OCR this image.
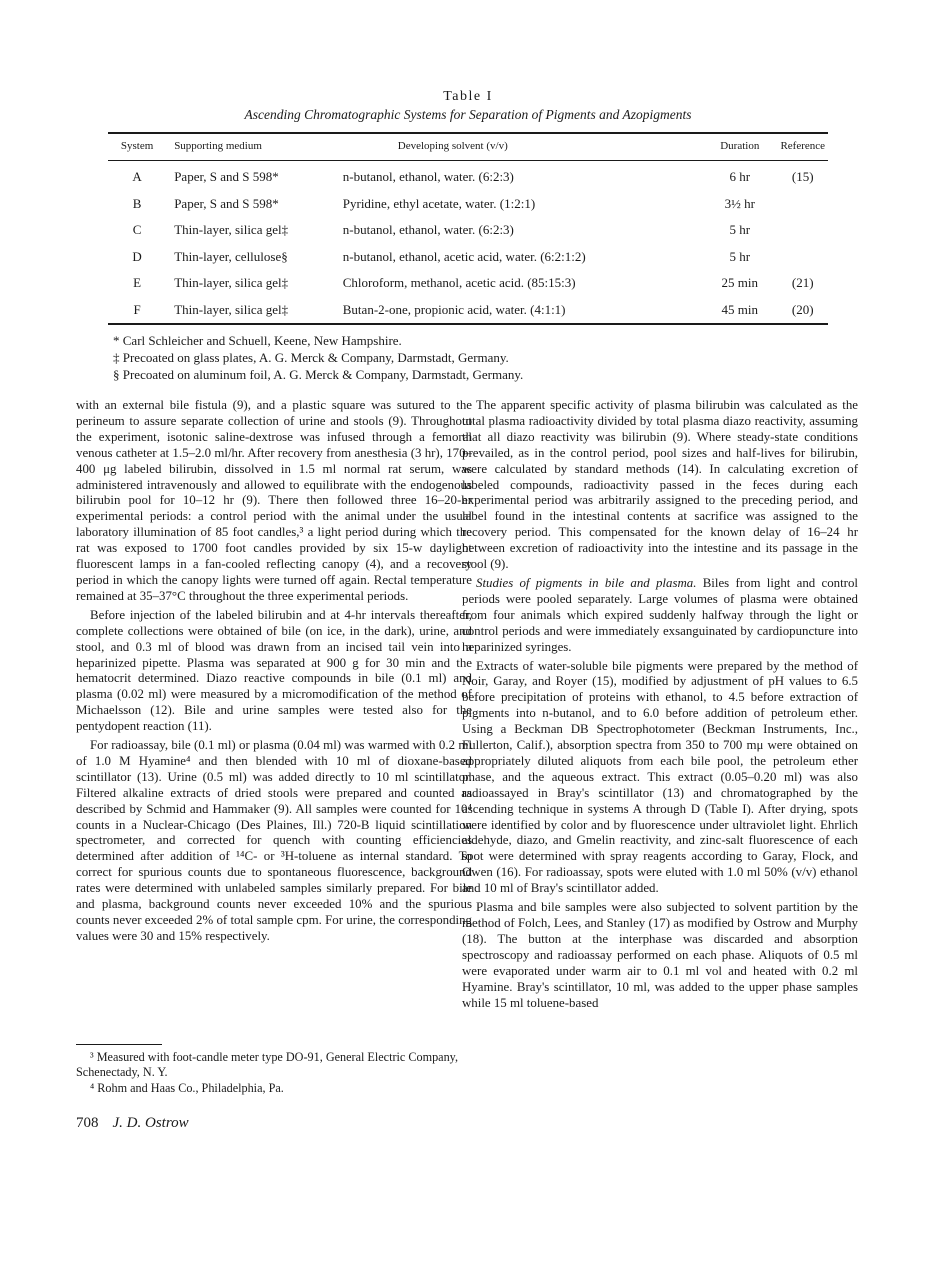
Table I
Ascending Chromatographic Systems for Separation of Pigments and Azopigments
System	Supporting medium	Developing solvent (v/v)	Duration	Reference

A	Paper, S and S 598*	n-butanol, ethanol, water. (6:2:3)	6 hr	(15)
B	Paper, S and S 598*	Pyridine, ethyl acetate, water. (1:2:1)	3½ hr	
C	Thin-layer, silica gel‡	n-butanol, ethanol, water. (6:2:3)	5 hr	
D	Thin-layer, cellulose§	n-butanol, ethanol, acetic acid, water. (6:2:1:2)	5 hr	
E	Thin-layer, silica gel‡	Chloroform, methanol, acetic acid. (85:15:3)	25 min	(21)
F	Thin-layer, silica gel‡	Butan-2-one, propionic acid, water. (4:1:1)	45 min	(20)
* Carl Schleicher and Schuell, Keene, New Hampshire.
‡ Precoated on glass plates, A. G. Merck & Company, Darmstadt, Germany.
§ Precoated on aluminum foil, A. G. Merck & Company, Darmstadt, Germany.

with an external bile fistula (9), and a plastic square was sutured to the perineum to assure separate collection of urine and stools (9). Throughout the experiment, isotonic saline-dextrose was infused through a femoral venous catheter at 1.5–2.0 ml/hr. After recovery from anesthesia (3 hr), 170–400 μg labeled bilirubin, dissolved in 1.5 ml normal rat serum, was administered intravenously and allowed to equilibrate with the endogenous bilirubin pool for 10–12 hr (9). There then followed three 16–20-hr experimental periods: a control period with the animal under the usual laboratory illumination of 85 foot candles,³ a light period during which the rat was exposed to 1700 foot candles provided by six 15-w daylight fluorescent lamps in a fan-cooled reflecting canopy (4), and a recovery period in which the canopy lights were turned off again. Rectal temperature remained at 35–37°C throughout the three experimental periods.

Before injection of the labeled bilirubin and at 4-hr intervals thereafter, complete collections were obtained of bile (on ice, in the dark), urine, and stool, and 0.3 ml of blood was drawn from an incised tail vein into a heparinized pipette. Plasma was separated at 900 g for 30 min and the hematocrit determined. Diazo reactive compounds in bile (0.1 ml) and plasma (0.02 ml) were measured by a micromodification of the method of Michaelsson (12). Bile and urine samples were tested also for the pentydopent reaction (11).

For radioassay, bile (0.1 ml) or plasma (0.04 ml) was warmed with 0.2 ml of 1.0 M Hyamine⁴ and then blended with 10 ml of dioxane-based scintillator (13). Urine (0.5 ml) was added directly to 10 ml scintillator. Filtered alkaline extracts of dried stools were prepared and counted as described by Schmid and Hammaker (9). All samples were counted for 10⁴ counts in a Nuclear-Chicago (Des Plaines, Ill.) 720-B liquid scintillation spectrometer, and corrected for quench with counting efficiencies determined after addition of ¹⁴C- or ³H-toluene as internal standard. To correct for spurious counts due to spontaneous fluorescence, background rates were determined with unlabeled samples similarly prepared. For bile and plasma, background counts never exceeded 10% and the spurious counts never exceeded 2% of total sample cpm. For urine, the corresponding values were 30 and 15% respectively.

The apparent specific activity of plasma bilirubin was calculated as the total plasma radioactivity divided by total plasma diazo reactivity, assuming that all diazo reactivity was bilirubin (9). Where steady-state conditions prevailed, as in the control period, pool sizes and half-lives for bilirubin, were calculated by standard methods (14). In calculating excretion of labeled compounds, radioactivity passed in the feces during each experimental period was arbitrarily assigned to the preceding period, and label found in the intestinal contents at sacrifice was assigned to the recovery period. This compensated for the known delay of 16–24 hr between excretion of radioactivity into the intestine and its passage in the stool (9).

Studies of pigments in bile and plasma. Biles from light and control periods were pooled separately. Large volumes of plasma were obtained from four animals which expired suddenly halfway through the light or control periods and were immediately exsanguinated by cardiopuncture into heparinized syringes.

Extracts of water-soluble bile pigments were prepared by the method of Noir, Garay, and Royer (15), modified by adjustment of pH values to 6.5 before precipitation of proteins with ethanol, to 4.5 before extraction of pigments into n-butanol, and to 6.0 before addition of petroleum ether. Using a Beckman DB Spectrophotometer (Beckman Instruments, Inc., Fullerton, Calif.), absorption spectra from 350 to 700 mμ were obtained on appropriately diluted aliquots from each bile pool, the petroleum ether phase, and the aqueous extract. This extract (0.05–0.20 ml) was also radioassayed in Bray's scintillator (13) and chromatographed by the ascending technique in systems A through D (Table I). After drying, spots were identified by color and by fluorescence under ultraviolet light. Ehrlich aldehyde, diazo, and Gmelin reactivity, and zinc-salt fluorescence of each spot were determined with spray reagents according to Garay, Flock, and Owen (16). For radioassay, spots were eluted with 1.0 ml 50% (v/v) ethanol and 10 ml of Bray's scintillator added.

Plasma and bile samples were also subjected to solvent partition by the method of Folch, Lees, and Stanley (17) as modified by Ostrow and Murphy (18). The button at the interphase was discarded and absorption spectroscopy and radioassay performed on each phase. Aliquots of 0.5 ml were evaporated under warm air to 0.1 ml vol and heated with 0.2 ml Hyamine. Bray's scintillator, 10 ml, was added to the upper phase samples while 15 ml toluene-based

³ Measured with foot-candle meter type DO-91, General Electric Company, Schenectady, N. Y.
⁴ Rohm and Haas Co., Philadelphia, Pa.
708 J. D. Ostrow
